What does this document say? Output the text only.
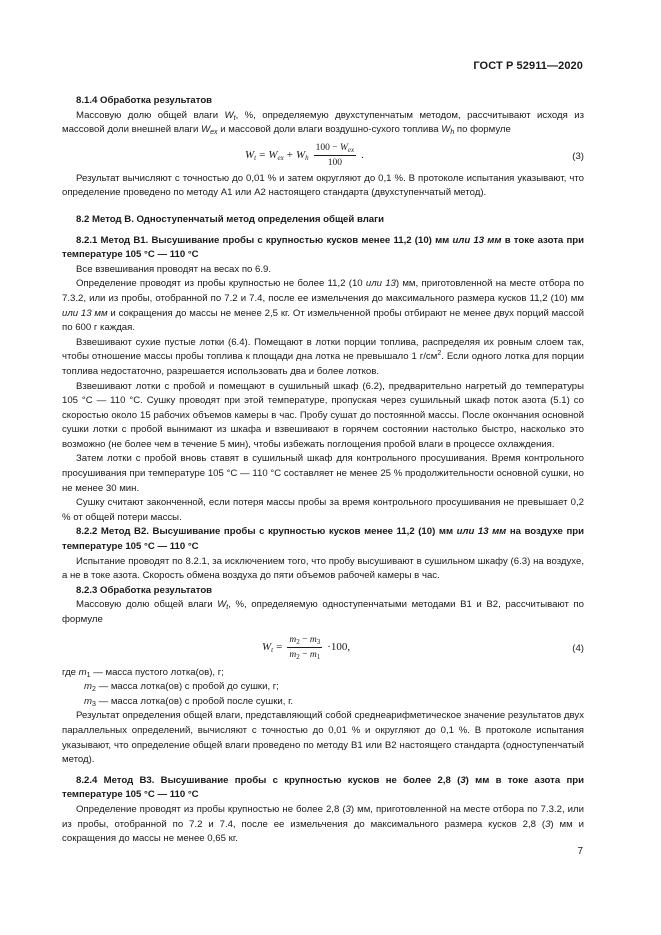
ГОСТ Р 52911—2020

8.1.4 Обработка результатов

Массовую долю общей влаги $W_t$, %, определяемую двухступенчатым методом, рассчитывают исходя из массовой доли внешней влаги $W_{ex}$ и массовой доли влаги воздушно-сухого топлива $W_h$ по формуле

$W_t = W_{ex} + W_h \frac{100 - W_{ex}}{100}$ .	(3)

Результат вычисляют с точностью до 0,01 % и затем округляют до 0,1 %. В протоколе испытания указывают, что определение проведено по методу А1 или А2 настоящего стандарта (двухступенчатый метод).

8.2 Метод В. Одноступенчатый метод определения общей влаги

8.2.1 Метод В1. Высушивание пробы с крупностью кусков менее 11,2 (10) мм или 13 мм в токе азота при температуре 105 °С — 110 °С

Все взвешивания проводят на весах по 6.9.

Определение проводят из пробы крупностью не более 11,2 (10 или 13) мм, приготовленной на месте отбора по 7.3.2, или из пробы, отобранной по 7.2 и 7.4, после ее измельчения до максимального размера кусков 11,2 (10) мм или 13 мм и сокращения до массы не менее 2,5 кг. От измельченной пробы отбирают не менее двух порций массой по 600 г каждая.

Взвешивают сухие пустые лотки (6.4). Помещают в лотки порции топлива, распределяя их ровным слоем так, чтобы отношение массы пробы топлива к площади дна лотка не превышало 1 $г/см^2$. Если одного лотка для порции топлива недостаточно, разрешается использовать два и более лотков.

Взвешивают лотки с пробой и помещают в сушильный шкаф (6.2), предварительно нагретый до температуры 105 °С — 110 °С. Сушку проводят при этой температуре, пропуская через сушильный шкаф поток азота (5.1) со скоростью около 15 рабочих объемов камеры в час. Пробу сушат до постоянной массы. После окончания основной сушки лотки с пробой вынимают из шкафа и взвешивают в горячем состоянии настолько быстро, насколько это возможно (не более чем в течение 5 мин), чтобы избежать поглощения пробой влаги в процессе охлаждения.

Затем лотки с пробой вновь ставят в сушильный шкаф для контрольного просушивания. Время контрольного просушивания при температуре 105 °С — 110 °С составляет не менее 25 % продолжительности основной сушки, но не менее 30 мин.

Сушку считают законченной, если потеря массы пробы за время контрольного просушивания не превышает 0,2 % от общей потери массы.

8.2.2 Метод В2. Высушивание пробы с крупностью кусков менее 11,2 (10) мм или 13 мм на воздухе при температуре 105 °С — 110 °С

Испытание проводят по 8.2.1, за исключением того, что пробу высушивают в сушильном шкафу (6.3) на воздухе, а не в токе азота. Скорость обмена воздуха до пяти объемов рабочей камеры в час.

8.2.3 Обработка результатов

Массовую долю общей влаги $W_t$, %, определяемую одноступенчатыми методами В1 и В2, рассчитывают по формуле

$W_t = \frac{m_2 - m_3}{m_2 - m_1} \cdot 100$,	(4)

где $m_1$ — масса пустого лотка(ов), г;

$m_2$ — масса лотка(ов) с пробой до сушки, г;

$m_3$ — масса лотка(ов) с пробой после сушки, г.

Результат определения общей влаги, представляющий собой среднеарифметическое значение результатов двух параллельных определений, вычисляют с точностью до 0,01 % и округляют до 0,1 %. В протоколе испытания указывают, что определение общей влаги проведено по методу В1 или В2 настоящего стандарта (одноступенчатый метод).

8.2.4 Метод В3. Высушивание пробы с крупностью кусков не более 2,8 (3) мм в токе азота при температуре 105 °С — 110 °С

Определение проводят из пробы крупностью не более 2,8 (3) мм, приготовленной на месте отбора по 7.3.2, или из пробы, отобранной по 7.2 и 7.4, после ее измельчения до максимального размера кусков 2,8 (3) мм и сокращения до массы не менее 0,65 кг.

7
